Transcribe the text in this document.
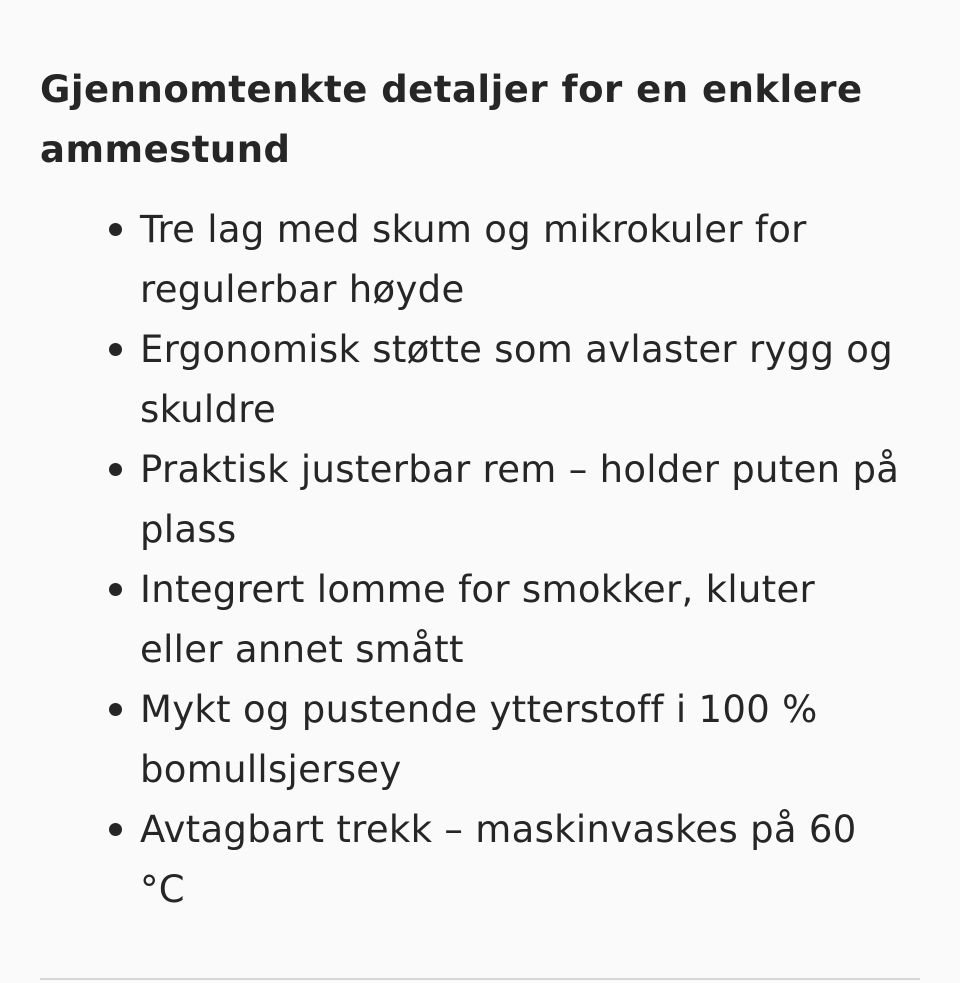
Gjennomtenkte detaljer for en enklere ammestund
Tre lag med skum og mikrokuler for regulerbar høyde
Ergonomisk støtte som avlaster rygg og skuldre
Praktisk justerbar rem – holder puten på plass
Integrert lomme for smokker, kluter eller annet smått
Mykt og pustende ytterstoff i 100 % bomullsjersey
Avtagbart trekk – maskinvaskes på 60 °C
